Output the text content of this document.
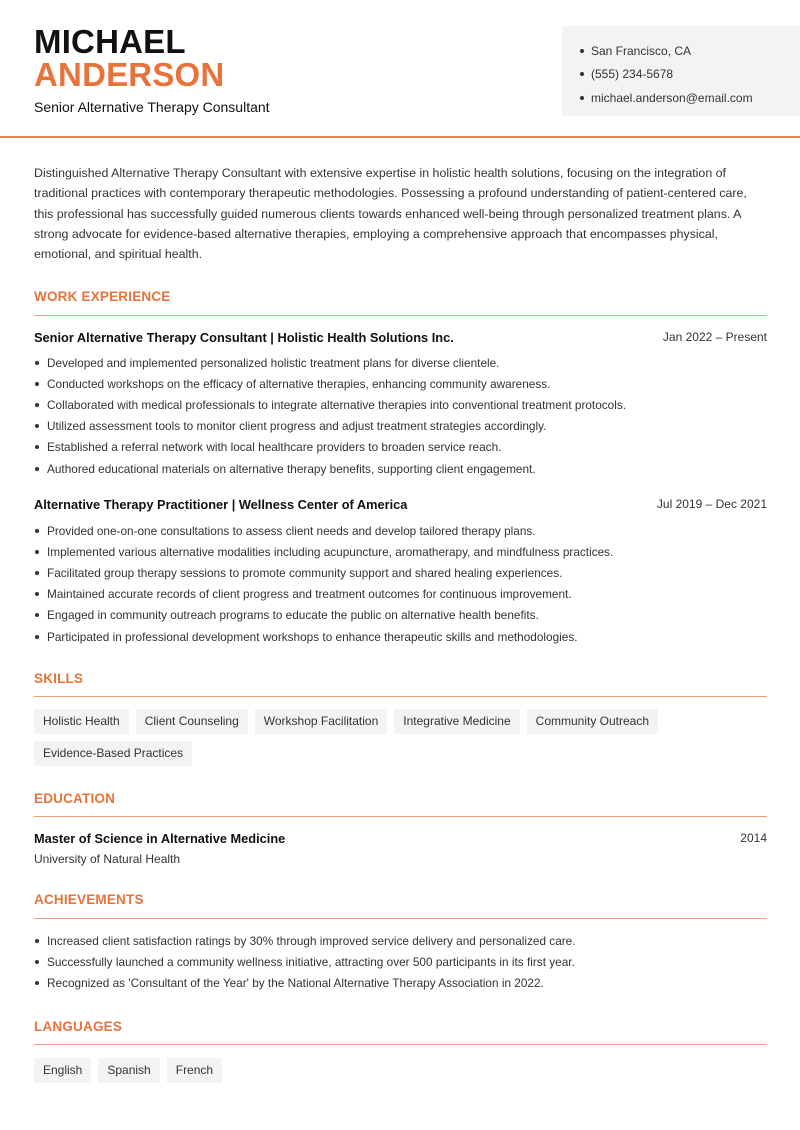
MICHAEL
ANDERSON
Senior Alternative Therapy Consultant
San Francisco, CA
(555) 234-5678
michael.anderson@email.com

Distinguished Alternative Therapy Consultant with extensive expertise in holistic health solutions, focusing on the integration of traditional practices with contemporary therapeutic methodologies. Possessing a profound understanding of patient-centered care, this professional has successfully guided numerous clients towards enhanced well-being through personalized treatment plans. A strong advocate for evidence-based alternative therapies, employing a comprehensive approach that encompasses physical, emotional, and spiritual health.

WORK EXPERIENCE
Senior Alternative Therapy Consultant | Holistic Health Solutions Inc.	Jan 2022 – Present
Developed and implemented personalized holistic treatment plans for diverse clientele.
Conducted workshops on the efficacy of alternative therapies, enhancing community awareness.
Collaborated with medical professionals to integrate alternative therapies into conventional treatment protocols.
Utilized assessment tools to monitor client progress and adjust treatment strategies accordingly.
Established a referral network with local healthcare providers to broaden service reach.
Authored educational materials on alternative therapy benefits, supporting client engagement.
Alternative Therapy Practitioner | Wellness Center of America	Jul 2019 – Dec 2021
Provided one-on-one consultations to assess client needs and develop tailored therapy plans.
Implemented various alternative modalities including acupuncture, aromatherapy, and mindfulness practices.
Facilitated group therapy sessions to promote community support and shared healing experiences.
Maintained accurate records of client progress and treatment outcomes for continuous improvement.
Engaged in community outreach programs to educate the public on alternative health benefits.
Participated in professional development workshops to enhance therapeutic skills and methodologies.
SKILLS
Holistic Health	Client Counseling	Workshop Facilitation	Integrative Medicine	Community Outreach
Evidence-Based Practices
EDUCATION
Master of Science in Alternative Medicine	2014
University of Natural Health
ACHIEVEMENTS
Increased client satisfaction ratings by 30% through improved service delivery and personalized care.
Successfully launched a community wellness initiative, attracting over 500 participants in its first year.
Recognized as 'Consultant of the Year' by the National Alternative Therapy Association in 2022.
LANGUAGES
English	Spanish	French
